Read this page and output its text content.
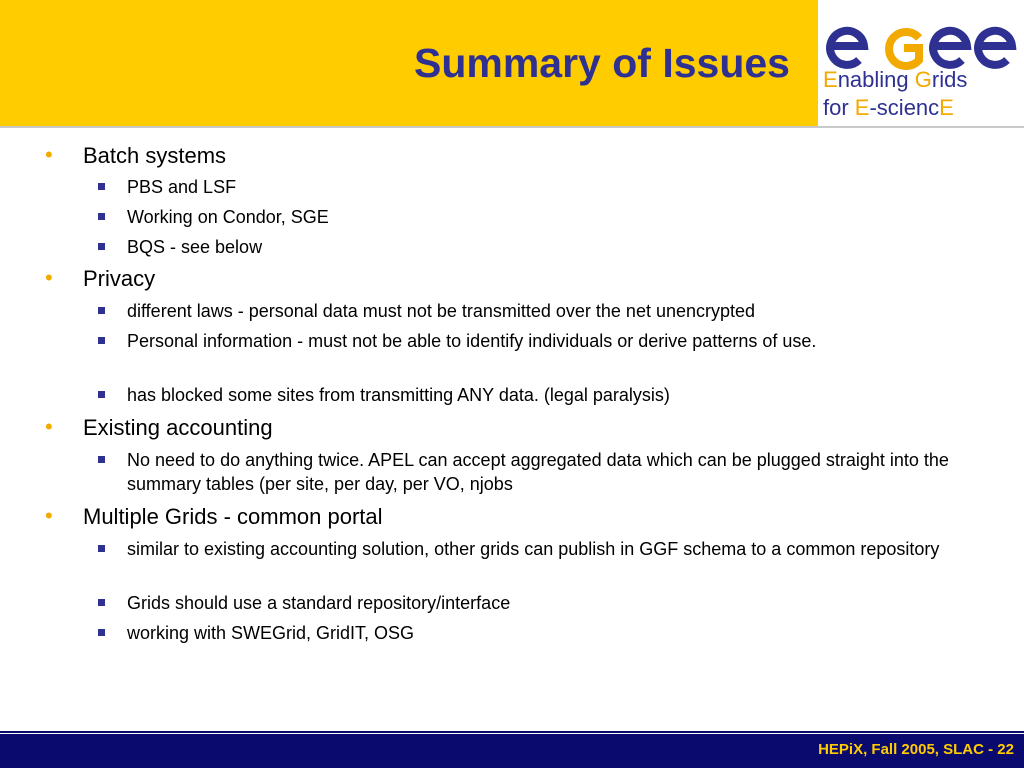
Summary of Issues Enabling Grids
for E-sciencE
• Batch systems
PBS and LSF
Working on Condor, SGE
BQS - see below
• Privacy
different laws - personal data must not be transmitted over the net unencrypted
Personal information - must not be able to identify individuals or derive patterns of use.
has blocked some sites from transmitting ANY data. (legal paralysis)
• Existing accounting
No need to do anything twice. APEL can accept aggregated data which can be plugged straight into the summary tables (per site, per day, per VO, njobs
• Multiple Grids - common portal
similar to existing accounting solution, other grids can publish in GGF schema to a common repository
Grids should use a standard repository/interface
working with SWEGrid, GridIT, OSG
HEPiX, Fall 2005, SLAC - 22
